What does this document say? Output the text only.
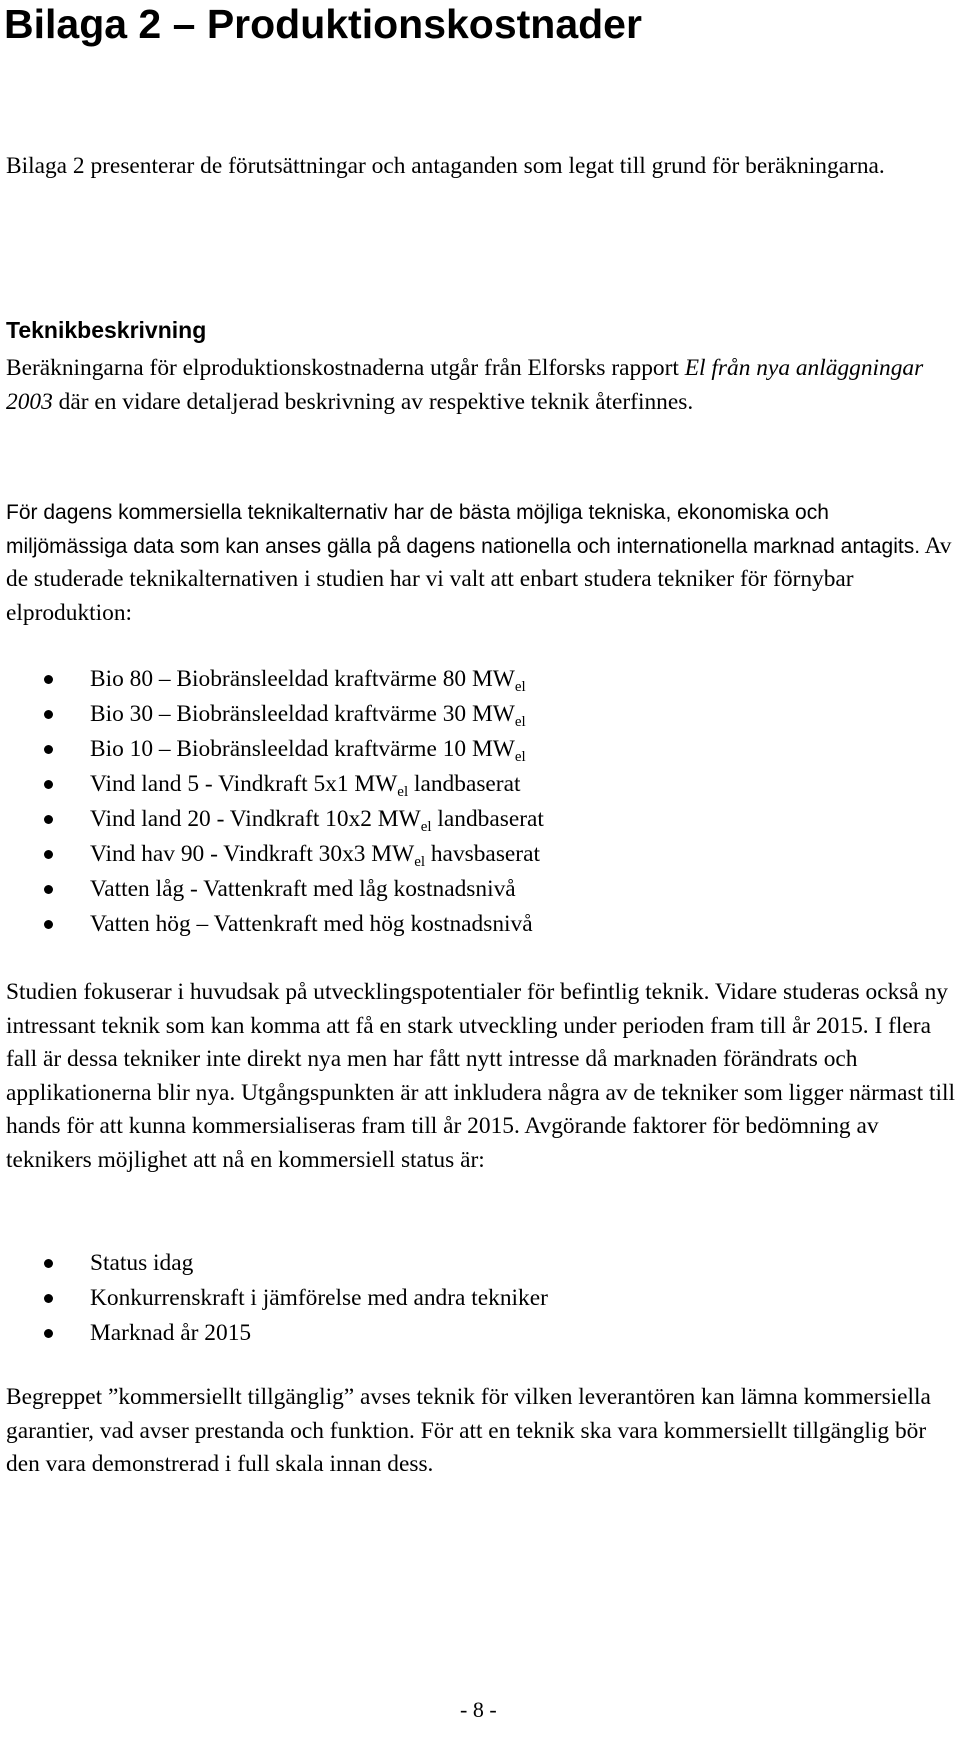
Bilaga 2 – Produktionskostnader

Bilaga 2 presenterar de förutsättningar och antaganden som legat till grund för beräkningarna.

Teknikbeskrivning

Beräkningarna för elproduktionskostnaderna utgår från Elforsks rapport El från nya anläggningar 2003 där en vidare detaljerad beskrivning av respektive teknik återfinnes.

För dagens kommersiella teknikalternativ har de bästa möjliga tekniska, ekonomiska och miljömässiga data som kan anses gälla på dagens nationella och internationella marknad antagits. Av de studerade teknikalternativen i studien har vi valt att enbart studera tekniker för förnybar elproduktion:

Bio 80 – Biobränsleeldad kraftvärme 80 $MW_{el}$
Bio 30 – Biobränsleeldad kraftvärme 30 $MW_{el}$
Bio 10 – Biobränsleeldad kraftvärme 10 $MW_{el}$
Vind land 5 - Vindkraft 5x1 $MW_{el}$ landbaserat
Vind land 20 - Vindkraft 10x2 $MW_{el}$ landbaserat
Vind hav 90 - Vindkraft 30x3 $MW_{el}$ havsbaserat
Vatten låg - Vattenkraft med låg kostnadsnivå
Vatten hög – Vattenkraft med hög kostnadsnivå

Studien fokuserar i huvudsak på utvecklingspotentialer för befintlig teknik. Vidare studeras också ny intressant teknik som kan komma att få en stark utveckling under perioden fram till år 2015. I flera fall är dessa tekniker inte direkt nya men har fått nytt intresse då marknaden förändrats och applikationerna blir nya. Utgångspunkten är att inkludera några av de tekniker som ligger närmast till hands för att kunna kommersialiseras fram till år 2015. Avgörande faktorer för bedömning av teknikers möjlighet att nå en kommersiell status är:

Status idag
Konkurrenskraft i jämförelse med andra tekniker
Marknad år 2015

Begreppet ”kommersiellt tillgänglig” avses teknik för vilken leverantören kan lämna kommersiella garantier, vad avser prestanda och funktion. För att en teknik ska vara kommersiellt tillgänglig bör den vara demonstrerad i full skala innan dess.

- 8 -
